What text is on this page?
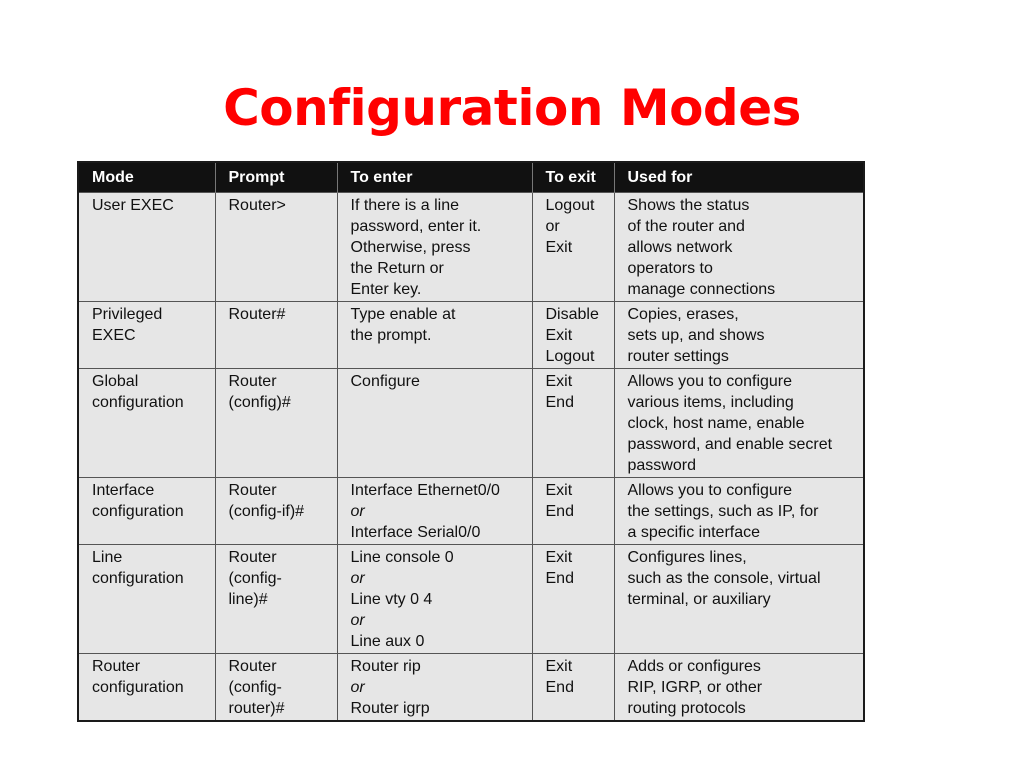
Configuration Modes
Mode	Prompt	To enter	To exit	Used for

User EXEC	Router>	If there is a line
password, enter it.
Otherwise, press
the Return or
Enter key.	Logout
or
Exit	Shows the status
of the router and
allows network
operators to
manage connections

Privileged
EXEC	Router#	Type enable at
the prompt.	Disable
Exit
Logout	Copies, erases,
sets up, and shows
router settings

Global
configuration	Router
(config)#	Configure	Exit
End	Allows you to configure
various items, including
clock, host name, enable
password, and enable secret
password

Interface
configuration	Router
(config-if)#	Interface Ethernet0/0
or
Interface Serial0/0	Exit
End	Allows you to configure
the settings, such as IP, for
a specific interface

Line
configuration	Router
(config-
line)#	Line console 0
or
Line vty 0 4
or
Line aux 0	Exit
End	Configures lines,
such as the console, virtual
terminal, or auxiliary

Router
configuration	Router
(config-
router)#	Router rip
or
Router igrp	Exit
End	Adds or configures
RIP, IGRP, or other
routing protocols
